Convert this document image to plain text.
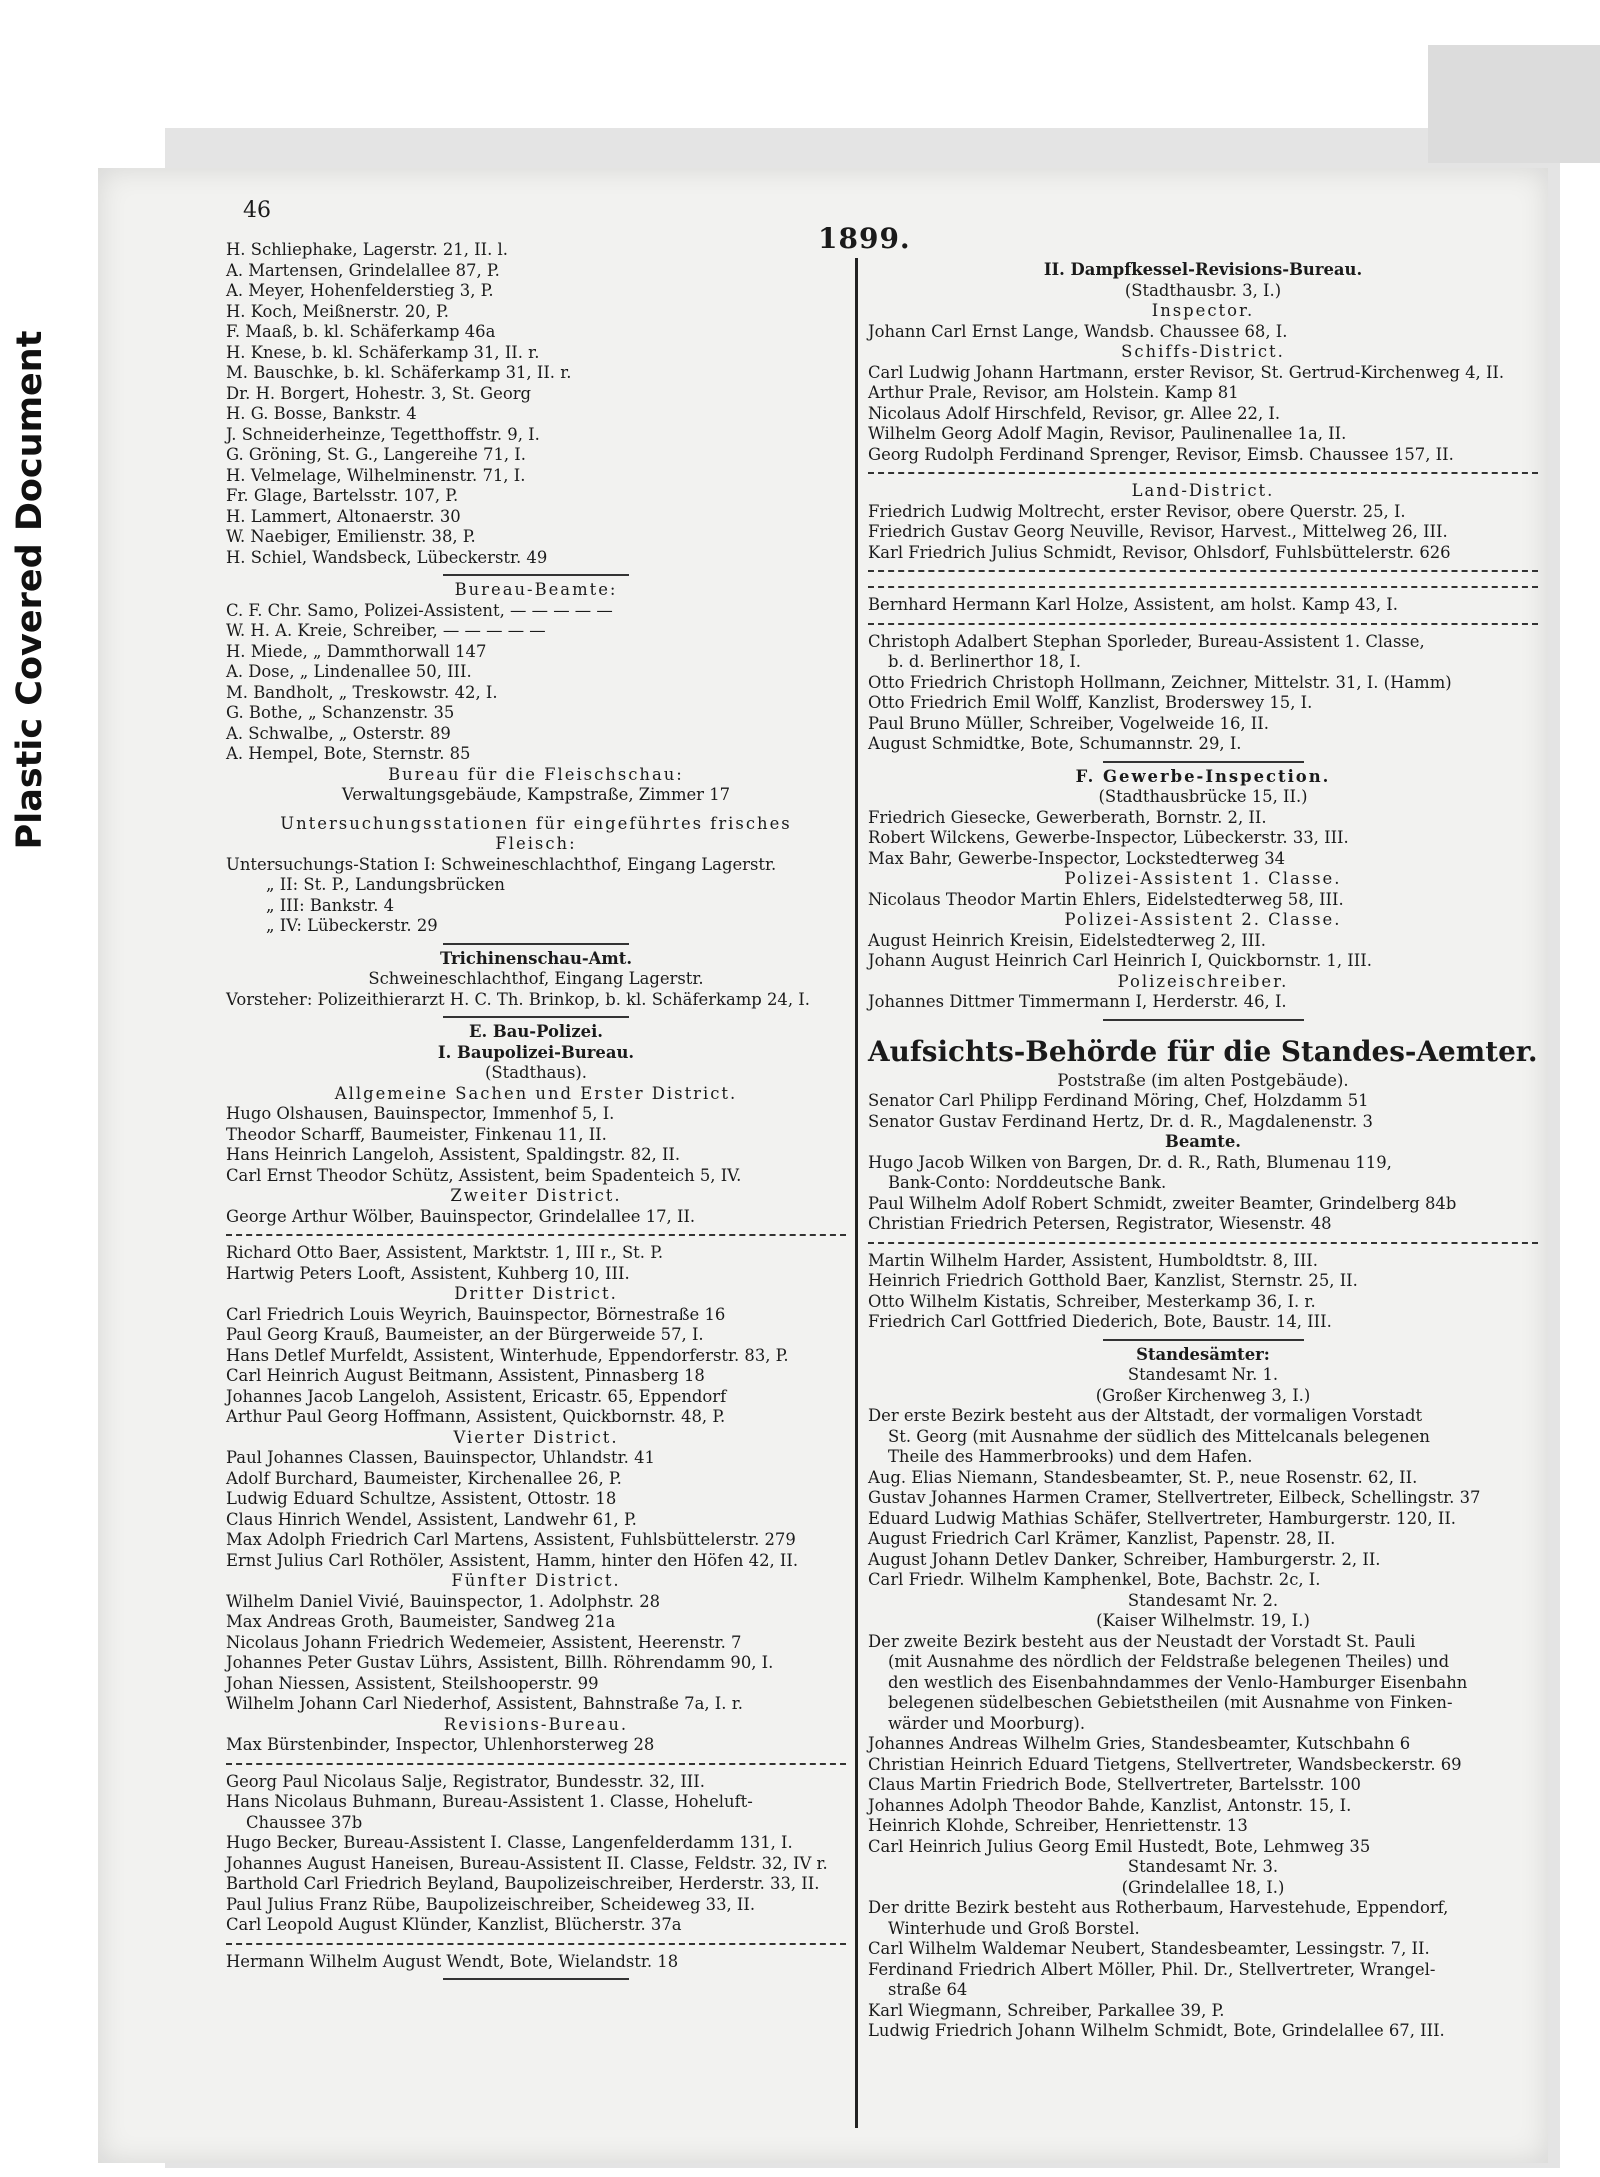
Plastic Covered Document
46
1899.
H. Schliephake, Lagerstr. 21, II. l.
A. Martensen, Grindelallee 87, P.
A. Meyer, Hohenfelderstieg 3, P.
H. Koch, Meißnerstr. 20, P.
F. Maaß, b. kl. Schäferkamp 46a
H. Knese, b. kl. Schäferkamp 31, II. r.
M. Bauschke, b. kl. Schäferkamp 31, II. r.
Dr. H. Borgert, Hohestr. 3, St. Georg
H. G. Bosse, Bankstr. 4
J. Schneiderheinze, Tegetthoffstr. 9, I.
G. Gröning, St. G., Langereihe 71, I.
H. Velmelage, Wilhelminenstr. 71, I.
Fr. Glage, Bartelsstr. 107, P.
H. Lammert, Altonaerstr. 30
W. Naebiger, Emilienstr. 38, P.
H. Schiel, Wandsbeck, Lübeckerstr. 49
Bureau-Beamte:
C. F. Chr. Samo, Polizei-Assistent, — — — — —
W. H. A. Kreie, Schreiber, — — — — —
H. Miede, „ Dammthorwall 147
A. Dose, „ Lindenallee 50, III.
M. Bandholt, „ Treskowstr. 42, I.
G. Bothe, „ Schanzenstr. 35
A. Schwalbe, „ Osterstr. 89
A. Hempel, Bote, Sternstr. 85
Bureau für die Fleischschau:
Verwaltungsgebäude, Kampstraße, Zimmer 17
Untersuchungsstationen für eingeführtes frisches
Fleisch:
Untersuchungs-Station I: Schweineschlachthof, Eingang Lagerstr.
„ II: St. P., Landungsbrücken
„ III: Bankstr. 4
„ IV: Lübeckerstr. 29
Trichinenschau-Amt.
Schweineschlachthof, Eingang Lagerstr.
Vorsteher: Polizeithierarzt H. C. Th. Brinkop, b. kl. Schäferkamp 24, I.
E. Bau-Polizei.
I. Baupolizei-Bureau.
(Stadthaus).
Allgemeine Sachen und Erster District.
Hugo Olshausen, Bauinspector, Immenhof 5, I.
Theodor Scharff, Baumeister, Finkenau 11, II.
Hans Heinrich Langeloh, Assistent, Spaldingstr. 82, II.
Carl Ernst Theodor Schütz, Assistent, beim Spadenteich 5, IV.
Zweiter District.
George Arthur Wölber, Bauinspector, Grindelallee 17, II.
Richard Otto Baer, Assistent, Marktstr. 1, III r., St. P.
Hartwig Peters Looft, Assistent, Kuhberg 10, III.
Dritter District.
Carl Friedrich Louis Weyrich, Bauinspector, Börnestraße 16
Paul Georg Krauß, Baumeister, an der Bürgerweide 57, I.
Hans Detlef Murfeldt, Assistent, Winterhude, Eppendorferstr. 83, P.
Carl Heinrich August Beitmann, Assistent, Pinnasberg 18
Johannes Jacob Langeloh, Assistent, Ericastr. 65, Eppendorf
Arthur Paul Georg Hoffmann, Assistent, Quickbornstr. 48, P.
Vierter District.
Paul Johannes Classen, Bauinspector, Uhlandstr. 41
Adolf Burchard, Baumeister, Kirchenallee 26, P.
Ludwig Eduard Schultze, Assistent, Ottostr. 18
Claus Hinrich Wendel, Assistent, Landwehr 61, P.
Max Adolph Friedrich Carl Martens, Assistent, Fuhlsbüttelerstr. 279
Ernst Julius Carl Rothöler, Assistent, Hamm, hinter den Höfen 42, II.
Fünfter District.
Wilhelm Daniel Vivié, Bauinspector, 1. Adolphstr. 28
Max Andreas Groth, Baumeister, Sandweg 21a
Nicolaus Johann Friedrich Wedemeier, Assistent, Heerenstr. 7
Johannes Peter Gustav Lührs, Assistent, Billh. Röhrendamm 90, I.
Johan Niessen, Assistent, Steilshooperstr. 99
Wilhelm Johann Carl Niederhof, Assistent, Bahnstraße 7a, I. r.
Revisions-Bureau.
Max Bürstenbinder, Inspector, Uhlenhorsterweg 28
Georg Paul Nicolaus Salje, Registrator, Bundesstr. 32, III.
Hans Nicolaus Buhmann, Bureau-Assistent 1. Classe, Hoheluft-
Chaussee 37b
Hugo Becker, Bureau-Assistent I. Classe, Langenfelderdamm 131, I.
Johannes August Haneisen, Bureau-Assistent II. Classe, Feldstr. 32, IV r.
Barthold Carl Friedrich Beyland, Baupolizeischreiber, Herderstr. 33, II.
Paul Julius Franz Rübe, Baupolizeischreiber, Scheideweg 33, II.
Carl Leopold August Klünder, Kanzlist, Blücherstr. 37a
Hermann Wilhelm August Wendt, Bote, Wielandstr. 18
II. Dampfkessel-Revisions-Bureau.
(Stadthausbr. 3, I.)
Inspector.
Johann Carl Ernst Lange, Wandsb. Chaussee 68, I.
Schiffs-District.
Carl Ludwig Johann Hartmann, erster Revisor, St. Gertrud-Kirchenweg 4, II.
Arthur Prale, Revisor, am Holstein. Kamp 81
Nicolaus Adolf Hirschfeld, Revisor, gr. Allee 22, I.
Wilhelm Georg Adolf Magin, Revisor, Paulinenallee 1a, II.
Georg Rudolph Ferdinand Sprenger, Revisor, Eimsb. Chaussee 157, II.
Land-District.
Friedrich Ludwig Moltrecht, erster Revisor, obere Querstr. 25, I.
Friedrich Gustav Georg Neuville, Revisor, Harvest., Mittelweg 26, III.
Karl Friedrich Julius Schmidt, Revisor, Ohlsdorf, Fuhlsbüttelerstr. 626
Bernhard Hermann Karl Holze, Assistent, am holst. Kamp 43, I.
Christoph Adalbert Stephan Sporleder, Bureau-Assistent 1. Classe,
b. d. Berlinerthor 18, I.
Otto Friedrich Christoph Hollmann, Zeichner, Mittelstr. 31, I. (Hamm)
Otto Friedrich Emil Wolff, Kanzlist, Broderswey 15, I.
Paul Bruno Müller, Schreiber, Vogelweide 16, II.
August Schmidtke, Bote, Schumannstr. 29, I.
F. Gewerbe-Inspection.
(Stadthausbrücke 15, II.)
Friedrich Giesecke, Gewerberath, Bornstr. 2, II.
Robert Wilckens, Gewerbe-Inspector, Lübeckerstr. 33, III.
Max Bahr, Gewerbe-Inspector, Lockstedterweg 34
Polizei-Assistent 1. Classe.
Nicolaus Theodor Martin Ehlers, Eidelstedterweg 58, III.
Polizei-Assistent 2. Classe.
August Heinrich Kreisin, Eidelstedterweg 2, III.
Johann August Heinrich Carl Heinrich I, Quickbornstr. 1, III.
Polizeischreiber.
Johannes Dittmer Timmermann I, Herderstr. 46, I.
Aufsichts-Behörde für die Standes-Aemter.
Poststraße (im alten Postgebäude).
Senator Carl Philipp Ferdinand Möring, Chef, Holzdamm 51
Senator Gustav Ferdinand Hertz, Dr. d. R., Magdalenenstr. 3
Beamte.
Hugo Jacob Wilken von Bargen, Dr. d. R., Rath, Blumenau 119,
Bank-Conto: Norddeutsche Bank.
Paul Wilhelm Adolf Robert Schmidt, zweiter Beamter, Grindelberg 84b
Christian Friedrich Petersen, Registrator, Wiesenstr. 48
Martin Wilhelm Harder, Assistent, Humboldtstr. 8, III.
Heinrich Friedrich Gotthold Baer, Kanzlist, Sternstr. 25, II.
Otto Wilhelm Kistatis, Schreiber, Mesterkamp 36, I. r.
Friedrich Carl Gottfried Diederich, Bote, Baustr. 14, III.
Standesämter:
Standesamt Nr. 1.
(Großer Kirchenweg 3, I.)
Der erste Bezirk besteht aus der Altstadt, der vormaligen Vorstadt
St. Georg (mit Ausnahme der südlich des Mittelcanals belegenen
Theile des Hammerbrooks) und dem Hafen.
Aug. Elias Niemann, Standesbeamter, St. P., neue Rosenstr. 62, II.
Gustav Johannes Harmen Cramer, Stellvertreter, Eilbeck, Schellingstr. 37
Eduard Ludwig Mathias Schäfer, Stellvertreter, Hamburgerstr. 120, II.
August Friedrich Carl Krämer, Kanzlist, Papenstr. 28, II.
August Johann Detlev Danker, Schreiber, Hamburgerstr. 2, II.
Carl Friedr. Wilhelm Kamphenkel, Bote, Bachstr. 2c, I.
Standesamt Nr. 2.
(Kaiser Wilhelmstr. 19, I.)
Der zweite Bezirk besteht aus der Neustadt der Vorstadt St. Pauli
(mit Ausnahme des nördlich der Feldstraße belegenen Theiles) und
den westlich des Eisenbahndammes der Venlo-Hamburger Eisenbahn
belegenen südelbeschen Gebietstheilen (mit Ausnahme von Finken-
wärder und Moorburg).
Johannes Andreas Wilhelm Gries, Standesbeamter, Kutschbahn 6
Christian Heinrich Eduard Tietgens, Stellvertreter, Wandsbeckerstr. 69
Claus Martin Friedrich Bode, Stellvertreter, Bartelsstr. 100
Johannes Adolph Theodor Bahde, Kanzlist, Antonstr. 15, I.
Heinrich Klohde, Schreiber, Henriettenstr. 13
Carl Heinrich Julius Georg Emil Hustedt, Bote, Lehmweg 35
Standesamt Nr. 3.
(Grindelallee 18, I.)
Der dritte Bezirk besteht aus Rotherbaum, Harvestehude, Eppendorf,
Winterhude und Groß Borstel.
Carl Wilhelm Waldemar Neubert, Standesbeamter, Lessingstr. 7, II.
Ferdinand Friedrich Albert Möller, Phil. Dr., Stellvertreter, Wrangel-
straße 64
Karl Wiegmann, Schreiber, Parkallee 39, P.
Ludwig Friedrich Johann Wilhelm Schmidt, Bote, Grindelallee 67, III.
